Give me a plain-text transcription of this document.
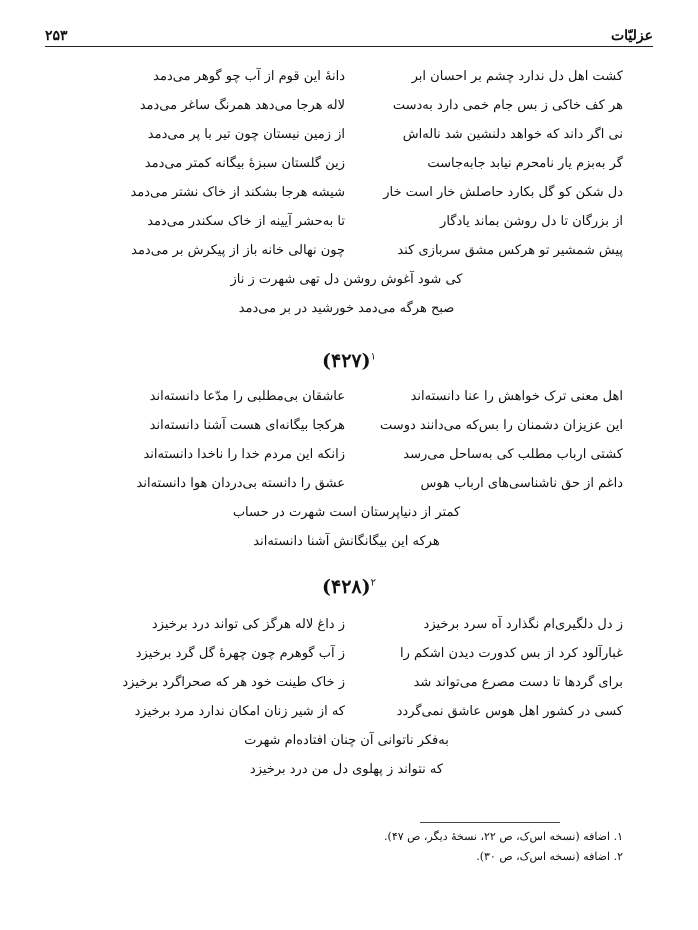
عزلیّات
۲۵۳
کشت اهل دل ندارد چشم بر احسان ابر
دانهٔ این قوم از آب چو گوهر می‌دمد
هر کف خاکی ز بس جام خمی دارد به‌دست
لاله هرجا می‌دهد همرنگ ساغر می‌دمد
نی اگر داند که خواهد دلنشین شد ناله‌اش
از زمین نیستان چون تیر با پر می‌دمد
گر به‌بزم یار نامحرم نیابد جابه‌جاست
زین گلستان سبزهٔ بیگانه کمتر می‌دمد
دل شکن کو گل بکارد حاصلش خار است خار
شیشه هرجا بشکند از خاک نشتر می‌دمد
از بزرگان تا دل روشن بماند یادگار
تا به‌حشر آیینه از خاک سکندر می‌دمد
پیش شمشیر تو هرکس مشق سربازی کند
چون نهالی خانه باز از پیکرش بر می‌دمد
کی شود آغوش روشن دل تهی شهرت ز ناز
صبح هرگه می‌دمد خورشید در بر می‌دمد
$^۱$(۴۲۷)
اهل معنی ترک خواهش را عنا دانسته‌اند
عاشقان بی‌مطلبی را مدّعا دانسته‌اند
این عزیزان دشمنان را بس‌که می‌دانند دوست
هرکجا بیگانه‌ای هست آشنا دانسته‌اند
کشتی ارباب مطلب کی به‌ساحل می‌رسد
زانکه این مردم خدا را ناخدا دانسته‌اند
داغم از حق ناشناسی‌های ارباب هوس
عشق را دانسته بی‌دردان هوا دانسته‌اند
کمتر از دنیاپرستان است شهرت در حساب
هرکه این بیگانگانش آشنا دانسته‌اند
$^۲$(۴۲۸)
ز دل دلگیری‌ام نگذارد آه سرد برخیزد
ز داغ لاله هرگز کی تواند درد برخیزد
غبارآلود کرد از بس کدورت دیدن اشکم را
ز آب گوهرم چون چهرهٔ گل گرد برخیزد
برای گردها تا دست مصرع می‌تواند شد
ز خاک طینت خود هر که صحراگرد برخیزد
کسی در کشور اهل هوس عاشق نمی‌گردد
که از شیر زنان امکان ندارد مرد برخیزد
به‌فکر ناتوانی آن چنان افتاده‌ام شهرت
که نتواند ز پهلوی دل من درد برخیزد
۱. اضافه (نسخه اس‌ک، ص ۲۲، نسخهٔ دیگر، ص ۴۷).
۲. اضافه (نسخه اس‌ک، ص ۳۰).
